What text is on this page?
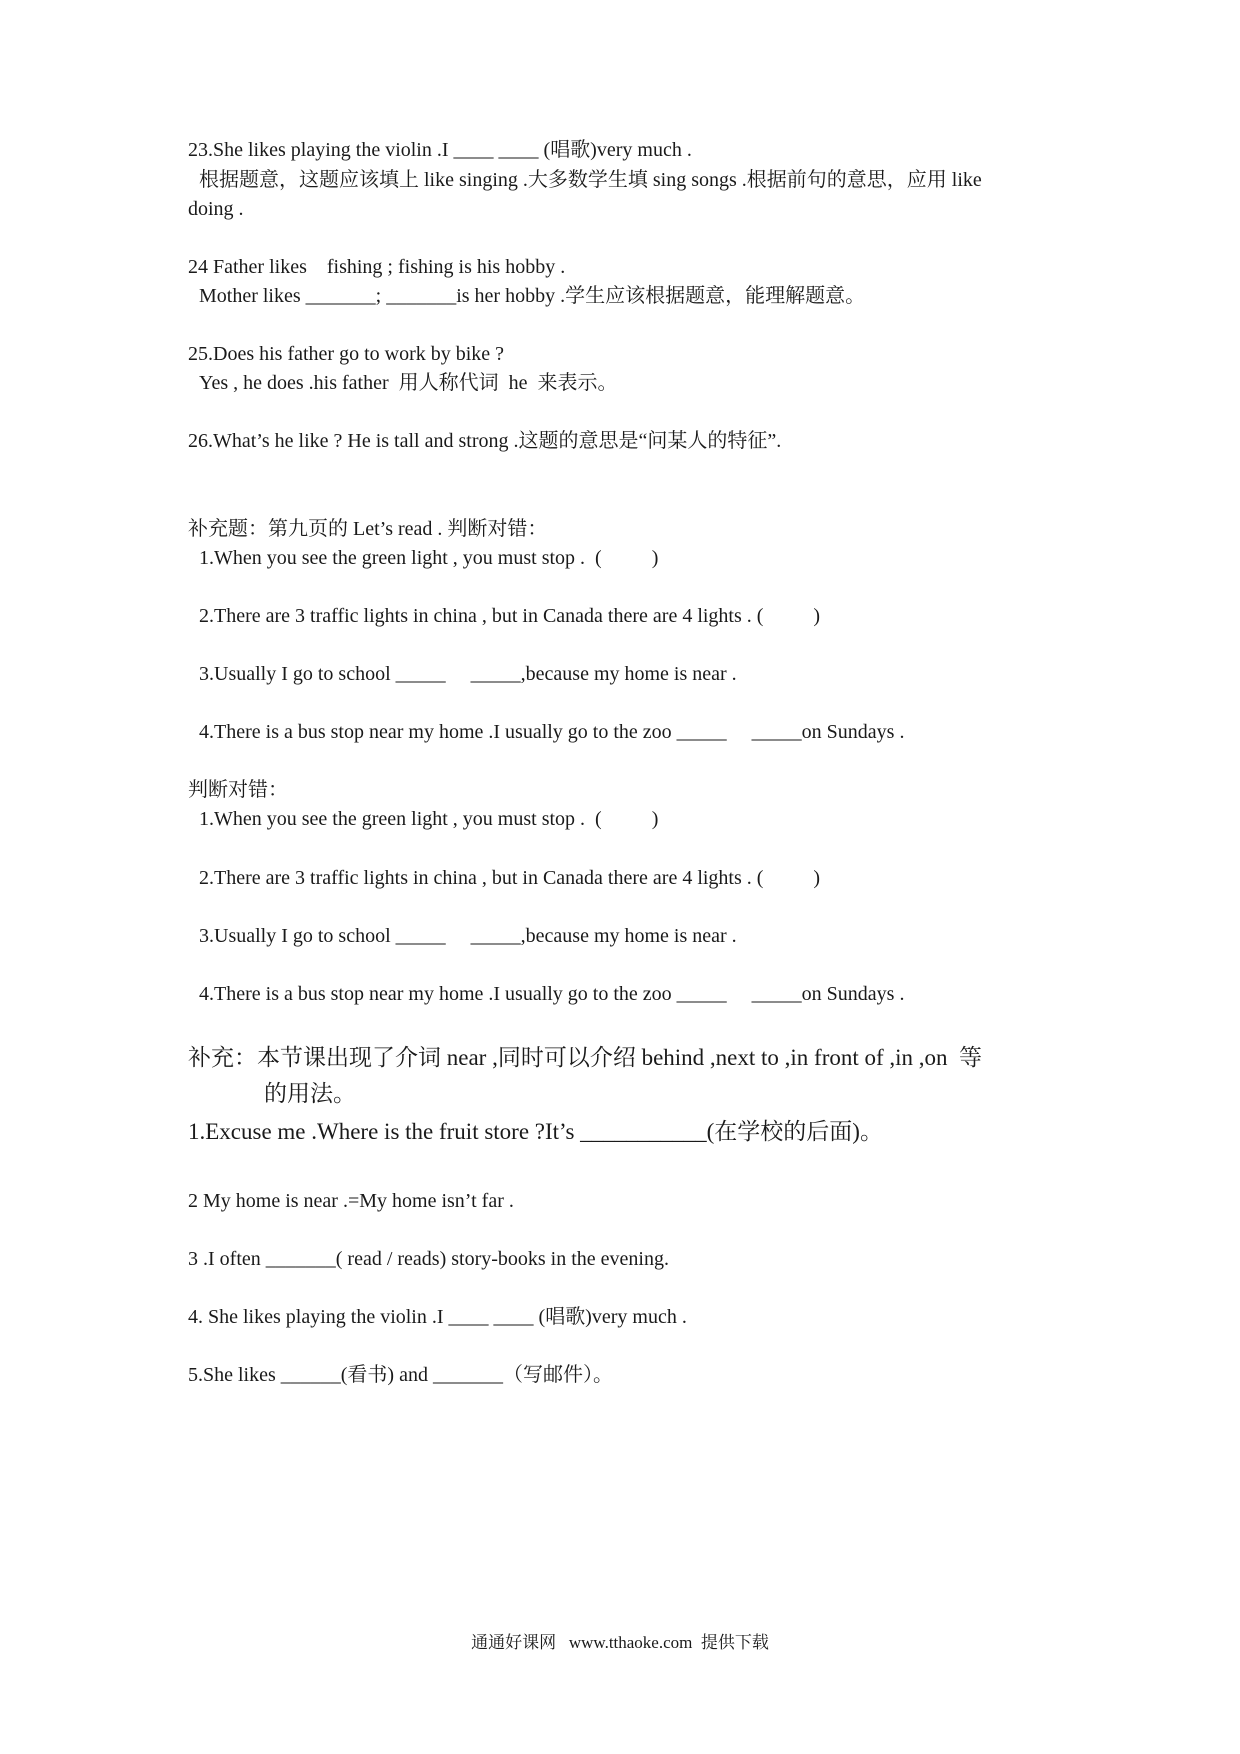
23.She likes playing the violin .I ____ ____ (唱歌)very much .
根据题意，这题应该填上 like singing .大多数学生填 sing songs .根据前句的意思，应用 like
doing .
24 Father likes    fishing ; fishing is his hobby .
Mother likes _______; _______is her hobby .学生应该根据题意，能理解题意。
25.Does his father go to work by bike ?
Yes , he does .his father  用人称代词  he  来表示。
26.What’s he like ? He is tall and strong .这题的意思是“问某人的特征”.
补充题：第九页的 Let’s read . 判断对错：
1.When you see the green light , you must stop .  (          )
2.There are 3 traffic lights in china , but in Canada there are 4 lights . (          )
3.Usually I go to school _____     _____,because my home is near .
4.There is a bus stop near my home .I usually go to the zoo _____     _____on Sundays .
判断对错：
1.When you see the green light , you must stop .  (          )
2.There are 3 traffic lights in china , but in Canada there are 4 lights . (          )
3.Usually I go to school _____     _____,because my home is near .
4.There is a bus stop near my home .I usually go to the zoo _____     _____on Sundays .
补充：本节课出现了介词 near ,同时可以介绍 behind ,next to ,in front of ,in ,on  等
的用法。
1.Excuse me .Where is the fruit store ?It’s ___________(在学校的后面)。
2 My home is near .=My home isn’t far .
3 .I often _______( read / reads) story-books in the evening.
4. She likes playing the violin .I ____ ____ (唱歌)very much .
5.She likes ______(看书) and _______（写邮件）。
通通好课网   www.tthaoke.com  提供下载
